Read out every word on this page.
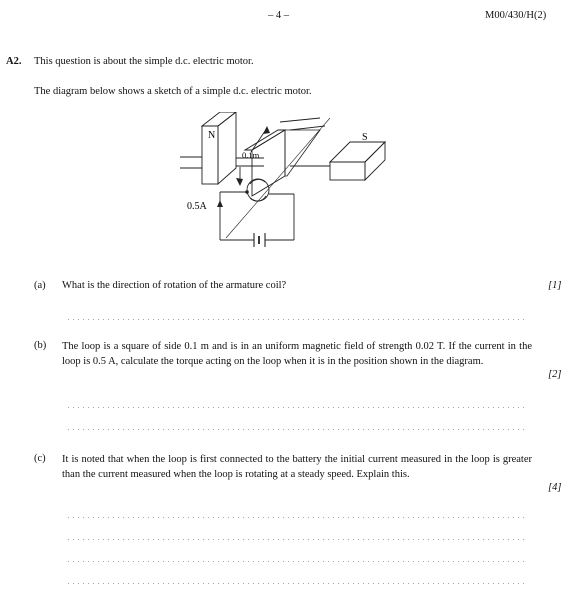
– 4 –	M00/430/H(2)
A2. This question is about the simple d.c. electric motor.
The diagram below shows a sketch of a simple d.c. electric motor.
N	S
0.1m
0.5A
(a) What is the direction of rotation of the armature coil?	[1]
(b) The loop is a square of side 0.1 m and is in an uniform magnetic field of strength 0.02 T. If the current in the loop is 0.5 A, calculate the torque acting on the loop when it is in the position shown in the diagram.
[2]
(c) It is noted that when the loop is first connected to the battery the initial current measured in the loop is greater than the current measured when the loop is rotating at a steady speed. Explain this.
[4]
